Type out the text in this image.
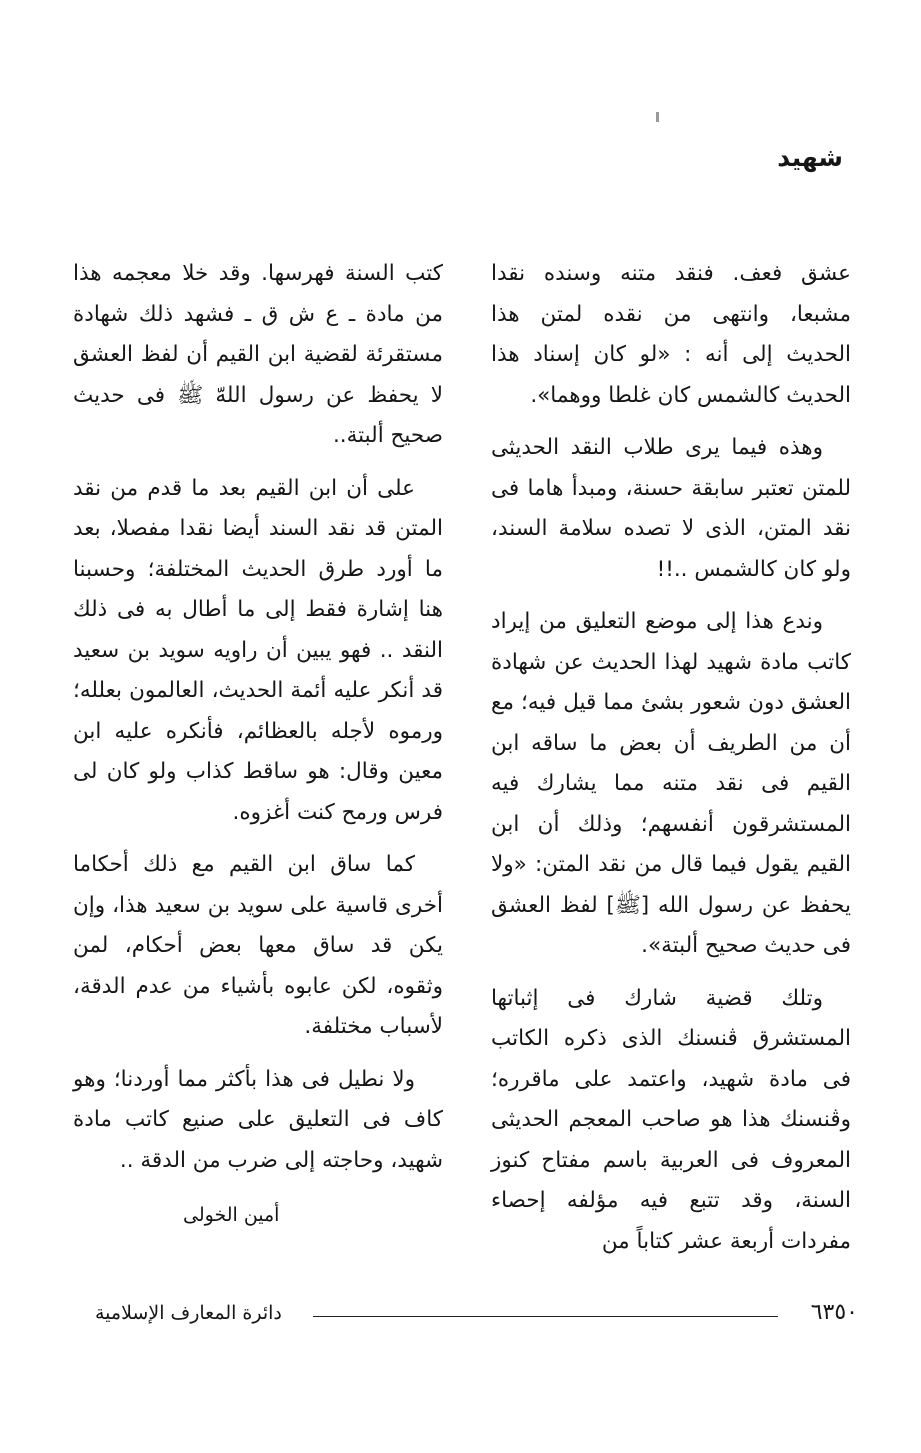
شهيد

عشق فعف. فنقد متنه وسنده نقدا مشبعا، وانتهى من نقده لمتن هذا الحديث إلى أنه : «لو كان إسناد هذا الحديث كالشمس كان غلطا ووهما».

وهذه فيما يرى طلاب النقد الحديثى للمتن تعتبر سابقة حسنة، ومبدأ هاما فى نقد المتن، الذى لا تصده سلامة السند، ولو كان كالشمس ..!!

وندع هذا إلى موضع التعليق من إيراد كاتب مادة شهيد لهذا الحديث عن شهادة العشق دون شعور بشئ مما قيل فيه؛ مع أن من الطريف أن بعض ما ساقه ابن القيم فى نقد متنه مما يشارك فيه المستشرقون أنفسهم؛ وذلك أن ابن القيم يقول فيما قال من نقد المتن: «ولا يحفظ عن رسول الله [ﷺ] لفظ العشق فى حديث صحيح ألبتة».

وتلك قضية شارك فى إثباتها المستشرق ڤنسنك الذى ذكره الكاتب فى مادة شهيد، واعتمد على ماقرره؛ وڤنسنك هذا هو صاحب المعجم الحديثى المعروف فى العربية باسم مفتاح كنوز السنة، وقد تتبع فيه مؤلفه إحصاء مفردات أربعة عشر كتاباً من

كتب السنة فهرسها. وقد خلا معجمه هذا من مادة ـ ع ش ق ـ فشهد ذلك شهادة مستقرئة لقضية ابن القيم أن لفظ العشق لا يحفظ عن رسول اللهّ ﷺ فى حديث صحيح ألبتة..

على أن ابن القيم بعد ما قدم من نقد المتن قد نقد السند أيضا نقدا مفصلا، بعد ما أورد طرق الحديث المختلفة؛ وحسبنا هنا إشارة فقط إلى ما أطال به فى ذلك النقد .. فهو يبين أن راويه سويد بن سعيد قد أنكر عليه أئمة الحديث، العالمون بعلله؛ ورموه لأجله بالعظائم، فأنكره عليه ابن معين وقال: هو ساقط كذاب ولو كان لى فرس ورمح كنت أغزوه.

كما ساق ابن القيم مع ذلك أحكاما أخرى قاسية على سويد بن سعيد هذا، وإن يكن قد ساق معها بعض أحكام، لمن وثقوه، لكن عابوه بأشياء من عدم الدقة، لأسباب مختلفة.

ولا نطيل فى هذا بأكثر مما أوردنا؛ وهو كاف فى التعليق على صنيع كاتب مادة شهيد، وحاجته إلى ضرب من الدقة ..

أمين الخولى
٦٣٥٠
دائرة المعارف الإسلامية
